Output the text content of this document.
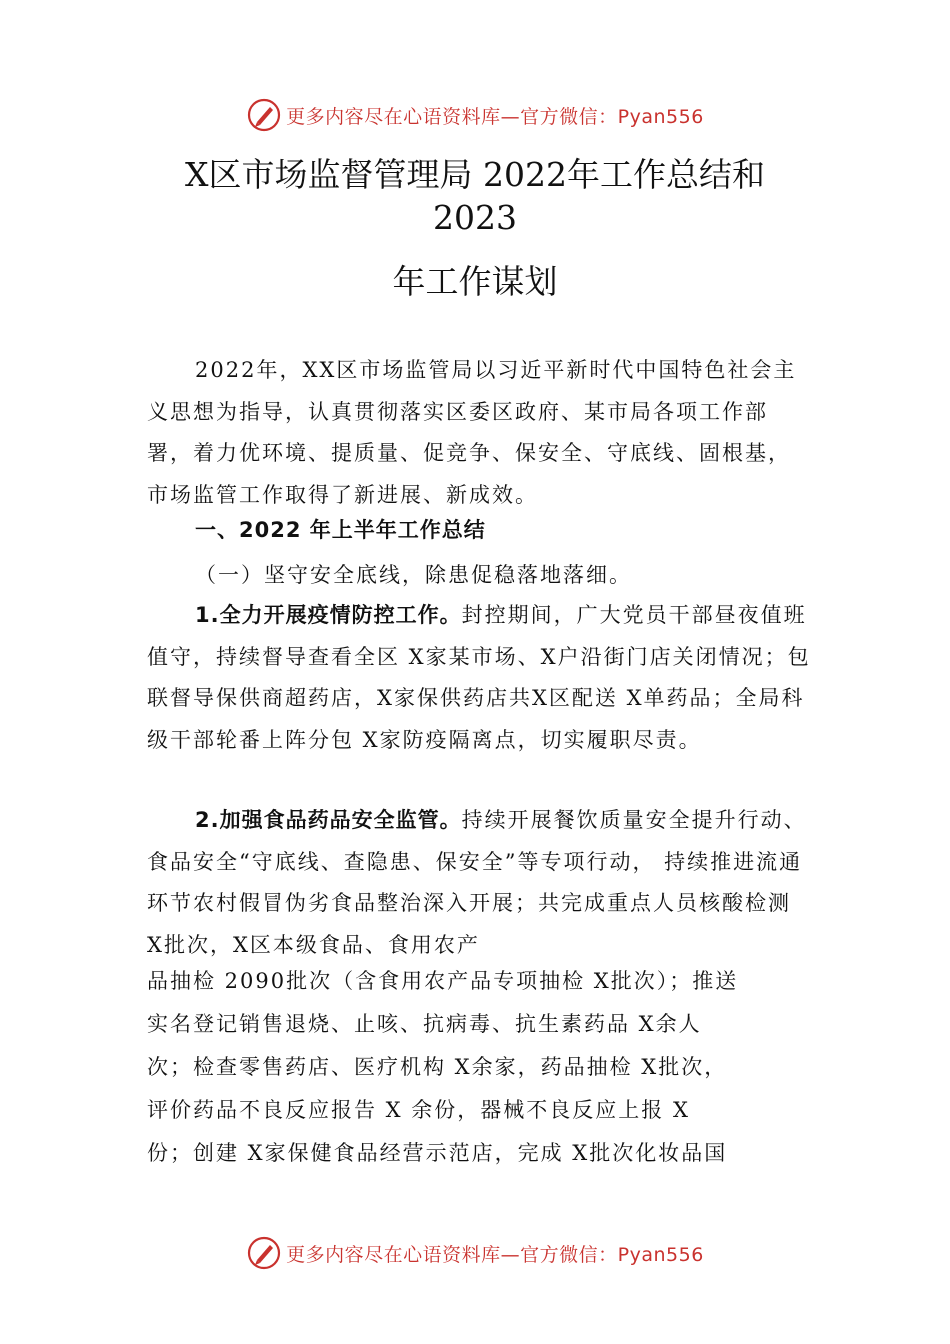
更多内容尽在心语资料库—官方微信：Pyan556
X区市场监督管理局 2022年工作总结和
2023
年工作谋划
2022年，XX区市场监管局以习近平新时代中国特色社会主义思想为指导，认真贯彻落实区委区政府、某市局各项工作部署，着力优环境、提质量、促竞争、保安全、守底线、固根基，市场监管工作取得了新进展、新成效。
一、2022 年上半年工作总结
（一）坚守安全底线，除患促稳落地落细。
1.全力开展疫情防控工作。封控期间，广大党员干部昼夜值班值守，持续督导查看全区 X家某市场、X户沿街门店关闭情况；包联督导保供商超药店，X家保供药店共X区配送 X单药品；全局科级干部轮番上阵分包 X家防疫隔离点，切实履职尽责。
2.加强食品药品安全监管。持续开展餐饮质量安全提升行动、食品安全“守底线、查隐患、保安全”等专项行动， 持续推进流通环节农村假冒伪劣食品整治深入开展；共完成重点人员核酸检测 X批次，X区本级食品、食用农产
品抽检 2090批次（含食用农产品专项抽检 X批次）；推送
实名登记销售退烧、止咳、抗病毒、抗生素药品 X余人
次；检查零售药店、医疗机构 X余家，药品抽检 X批次，
评价药品不良反应报告 X 余份，器械不良反应上报 X
份；创建 X家保健食品经营示范店，完成 X批次化妆品国
更多内容尽在心语资料库—官方微信：Pyan556
